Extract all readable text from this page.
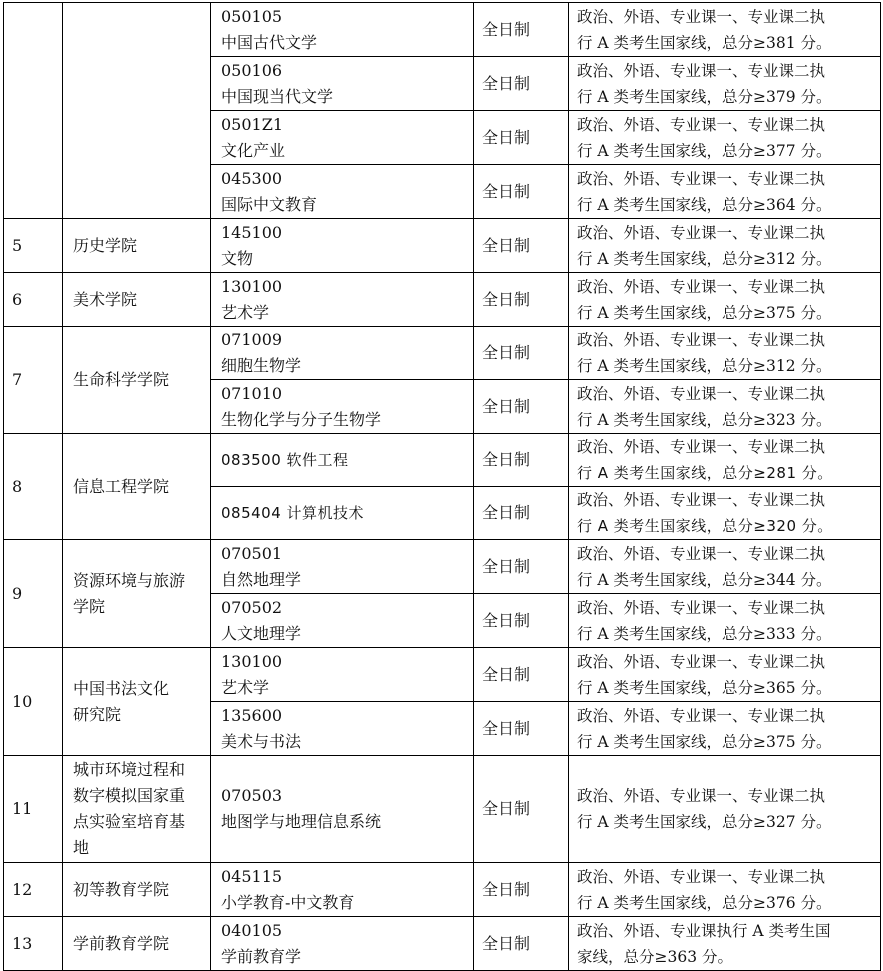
		050105
中国古代文学	全日制	政治、外语、专业课一、专业课二执
行 A 类考生国家线，总分≥381 分。

		050106
中国现当代文学	全日制	政治、外语、专业课一、专业课二执
行 A 类考生国家线，总分≥379 分。

		0501Z1
文化产业	全日制	政治、外语、专业课一、专业课二执
行 A 类考生国家线，总分≥377 分。

		045300
国际中文教育	全日制	政治、外语、专业课一、专业课二执
行 A 类考生国家线，总分≥364 分。

5	历史学院	145100
文物	全日制	政治、外语、专业课一、专业课二执
行 A 类考生国家线，总分≥312 分。

6	美术学院	130100
艺术学	全日制	政治、外语、专业课一、专业课二执
行 A 类考生国家线，总分≥375 分。

7	生命科学学院	071009
细胞生物学	全日制	政治、外语、专业课一、专业课二执
行 A 类考生国家线，总分≥312 分。

		071010
生物化学与分子生物学	全日制	政治、外语、专业课一、专业课二执
行 A 类考生国家线，总分≥323 分。

8	信息工程学院	083500 软件工程	全日制	政治、外语、专业课一、专业课二执
行 A 类考生国家线，总分≥281 分。

		085404 计算机技术	全日制	政治、外语、专业课一、专业课二执
行 A 类考生国家线，总分≥320 分。

9	资源环境与旅游
学院	070501
自然地理学	全日制	政治、外语、专业课一、专业课二执
行 A 类考生国家线，总分≥344 分。

		070502
人文地理学	全日制	政治、外语、专业课一、专业课二执
行 A 类考生国家线，总分≥333 分。

10	中国书法文化
研究院	130100
艺术学	全日制	政治、外语、专业课一、专业课二执
行 A 类考生国家线，总分≥365 分。

		135600
美术与书法	全日制	政治、外语、专业课一、专业课二执
行 A 类考生国家线，总分≥375 分。

11	城市环境过程和
数字模拟国家重
点实验室培育基
地	070503
地图学与地理信息系统	全日制	政治、外语、专业课一、专业课二执
行 A 类考生国家线，总分≥327 分。

12	初等教育学院	045115
小学教育-中文教育	全日制	政治、外语、专业课一、专业课二执
行 A 类考生国家线，总分≥376 分。

13	学前教育学院	040105
学前教育学	全日制	政治、外语、专业课执行 A 类考生国
家线，总分≥363 分。
